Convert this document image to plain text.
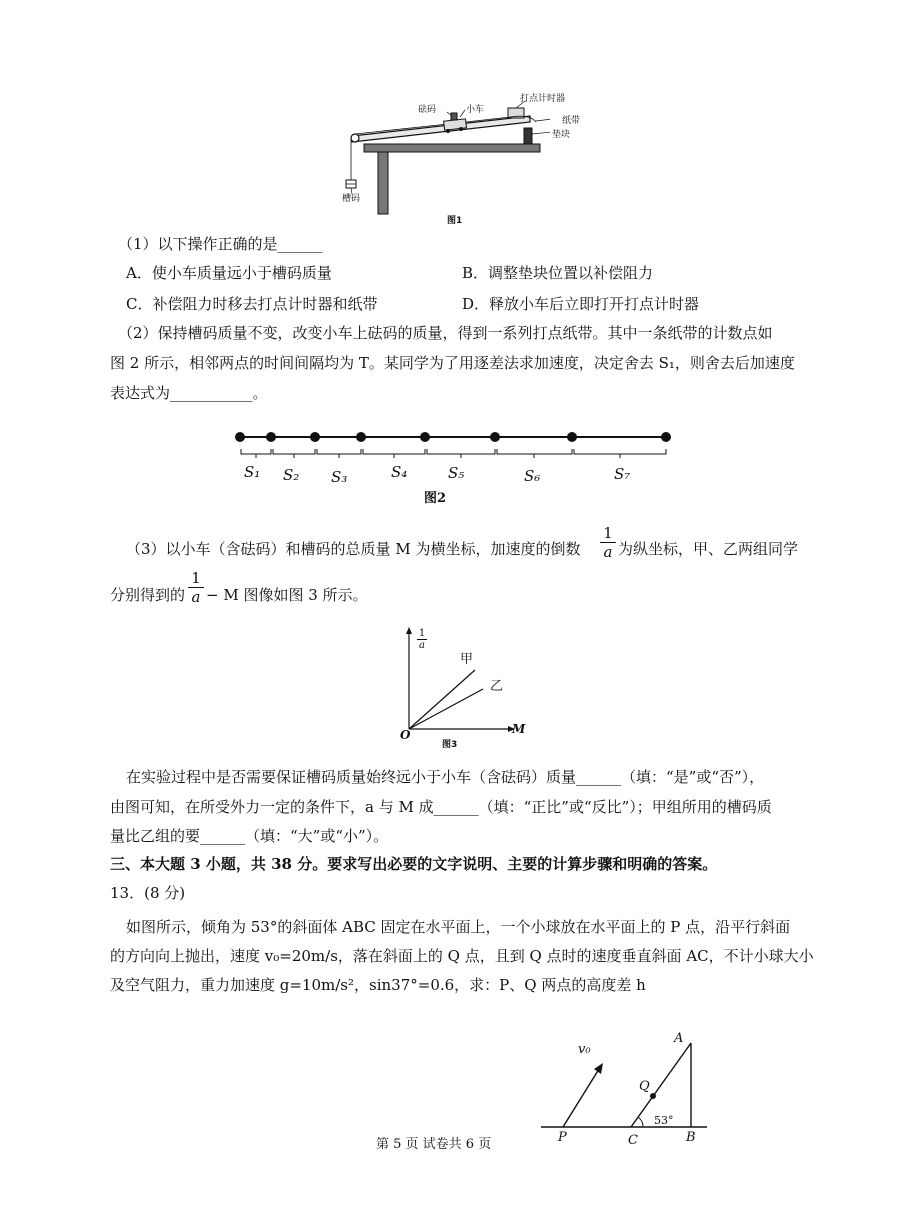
砝码	小车
打点计时器
纸带
垫块
槽码
图1
（1）以下操作正确的是______
A．使小车质量远小于槽码质量	B．调整垫块位置以补偿阻力
C．补偿阻力时移去打点计时器和纸带	D．释放小车后立即打开打点计时器
（2）保持槽码质量不变，改变小车上砝码的质量，得到一系列打点纸带。其中一条纸带的计数点如
图 2 所示，相邻两点的时间间隔均为 T。某同学为了用逐差法求加速度，决定舍去 S₁，则舍去后加速度
表达式为___________。
S₁ S₂ S₃	S₄	S₅	S₆	S₇
图2
（3）以小车（含砝码）和槽码的总质量 M 为横坐标，加速度的倒数 $\frac{1}{a}$ 为纵坐标，甲、乙两组同学
分别得到的 $\frac{1}{a} - M$ 图像如图 3 所示。
1
a
甲
乙
M
O
图3
在实验过程中是否需要保证槽码质量始终远小于小车（含砝码）质量______（填：“是”或“否”），
由图可知，在所受外力一定的条件下，a 与 M 成______（填：“正比”或“反比”）；甲组所用的槽码质
量比乙组的要______（填：“大”或“小”）。
三、本大题 3 小题，共 38 分。要求写出必要的文字说明、主要的计算步骤和明确的答案。
13．(8 分)
如图所示，倾角为 53°的斜面体 ABC 固定在水平面上，一个小球放在水平面上的 P 点，沿平行斜面
的方向向上抛出，速度 v₀=20m/s，落在斜面上的 Q 点，且到 Q 点时的速度垂直斜面 AC，不计小球大小
及空气阻力，重力加速度 g=10m/s²，sin37°=0.6，求：P、Q 两点的高度差 h
v₀
A
Q
53°
P	C	B
第 5 页 试卷共 6 页
